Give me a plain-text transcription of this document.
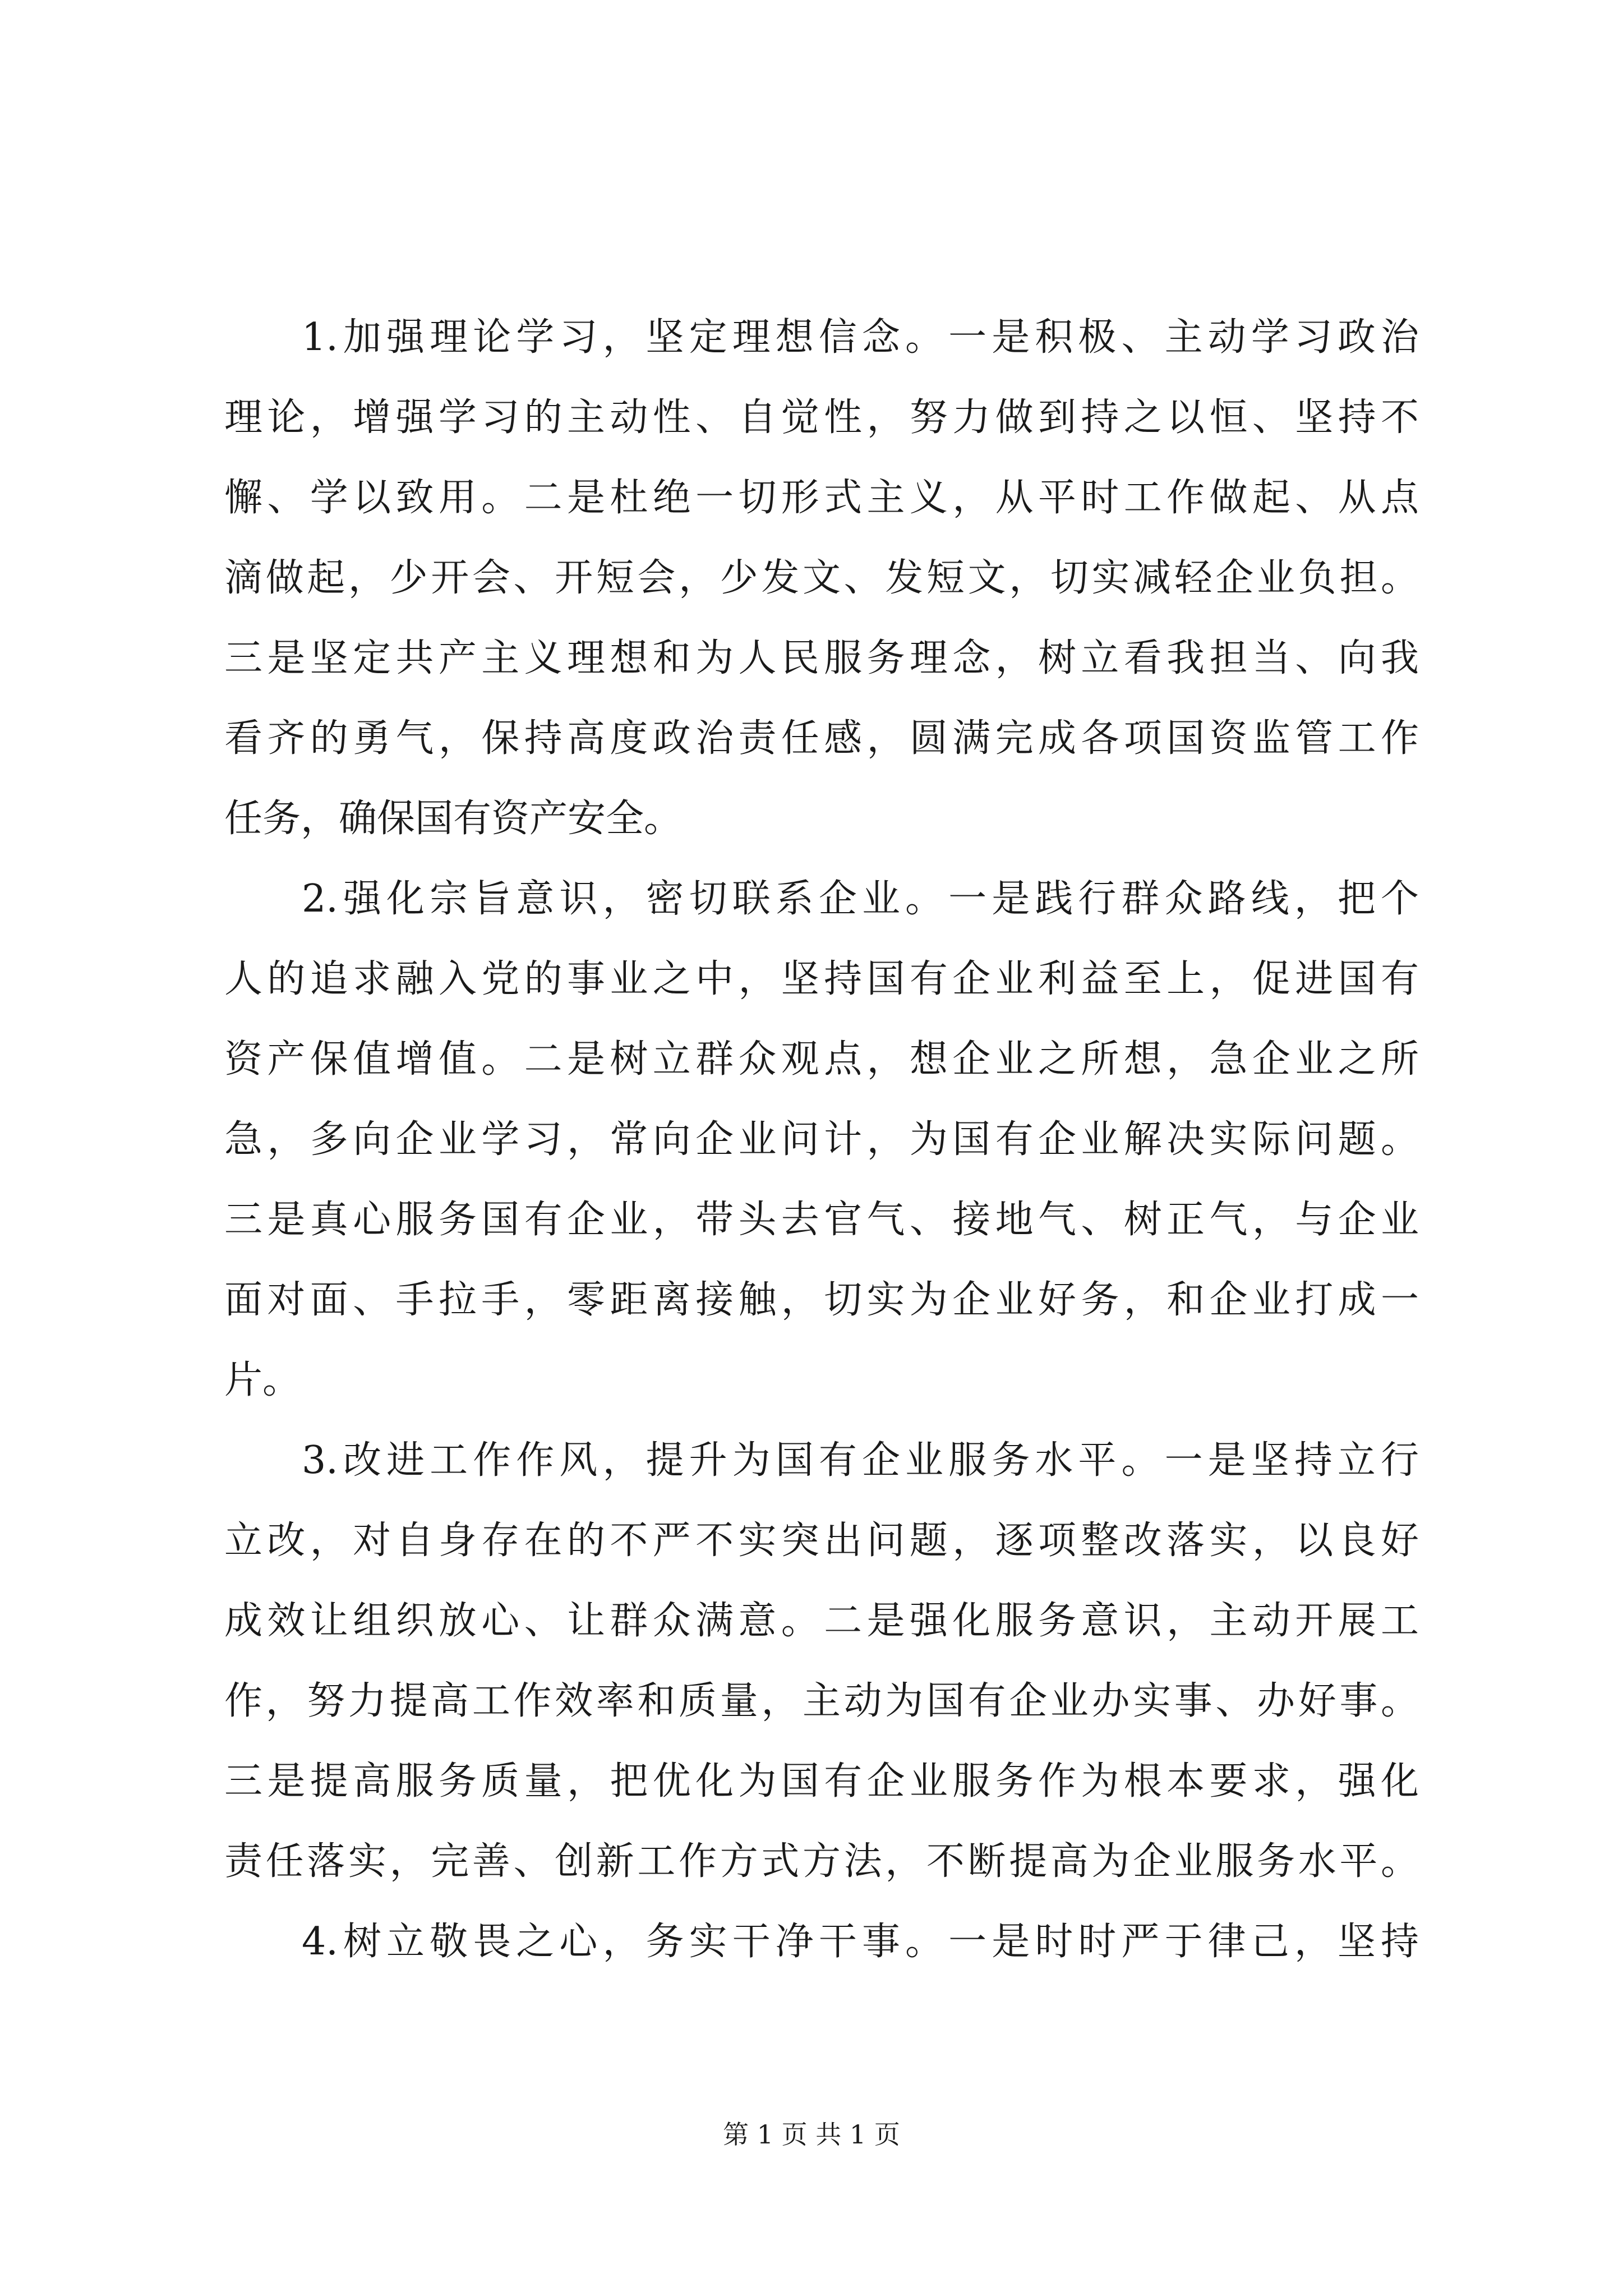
1.加强理论学习，坚定理想信念。一是积极、主动学习政治
理论，增强学习的主动性、自觉性，努力做到持之以恒、坚持不
懈、学以致用。二是杜绝一切形式主义，从平时工作做起、从点
滴做起，少开会、开短会，少发文、发短文，切实减轻企业负担。
三是坚定共产主义理想和为人民服务理念，树立看我担当、向我
看齐的勇气，保持高度政治责任感，圆满完成各项国资监管工作
任务，确保国有资产安全。
2.强化宗旨意识，密切联系企业。一是践行群众路线，把个
人的追求融入党的事业之中，坚持国有企业利益至上，促进国有
资产保值增值。二是树立群众观点，想企业之所想，急企业之所
急，多向企业学习，常向企业问计，为国有企业解决实际问题。
三是真心服务国有企业，带头去官气、接地气、树正气，与企业
面对面、手拉手，零距离接触，切实为企业好务，和企业打成一
片。
3.改进工作作风，提升为国有企业服务水平。一是坚持立行
立改，对自身存在的不严不实突出问题，逐项整改落实，以良好
成效让组织放心、让群众满意。二是强化服务意识，主动开展工
作，努力提高工作效率和质量，主动为国有企业办实事、办好事。
三是提高服务质量，把优化为国有企业服务作为根本要求，强化
责任落实，完善、创新工作方式方法，不断提高为企业服务水平。
4.树立敬畏之心，务实干净干事。一是时时严于律己，坚持
第 1 页 共 1 页
